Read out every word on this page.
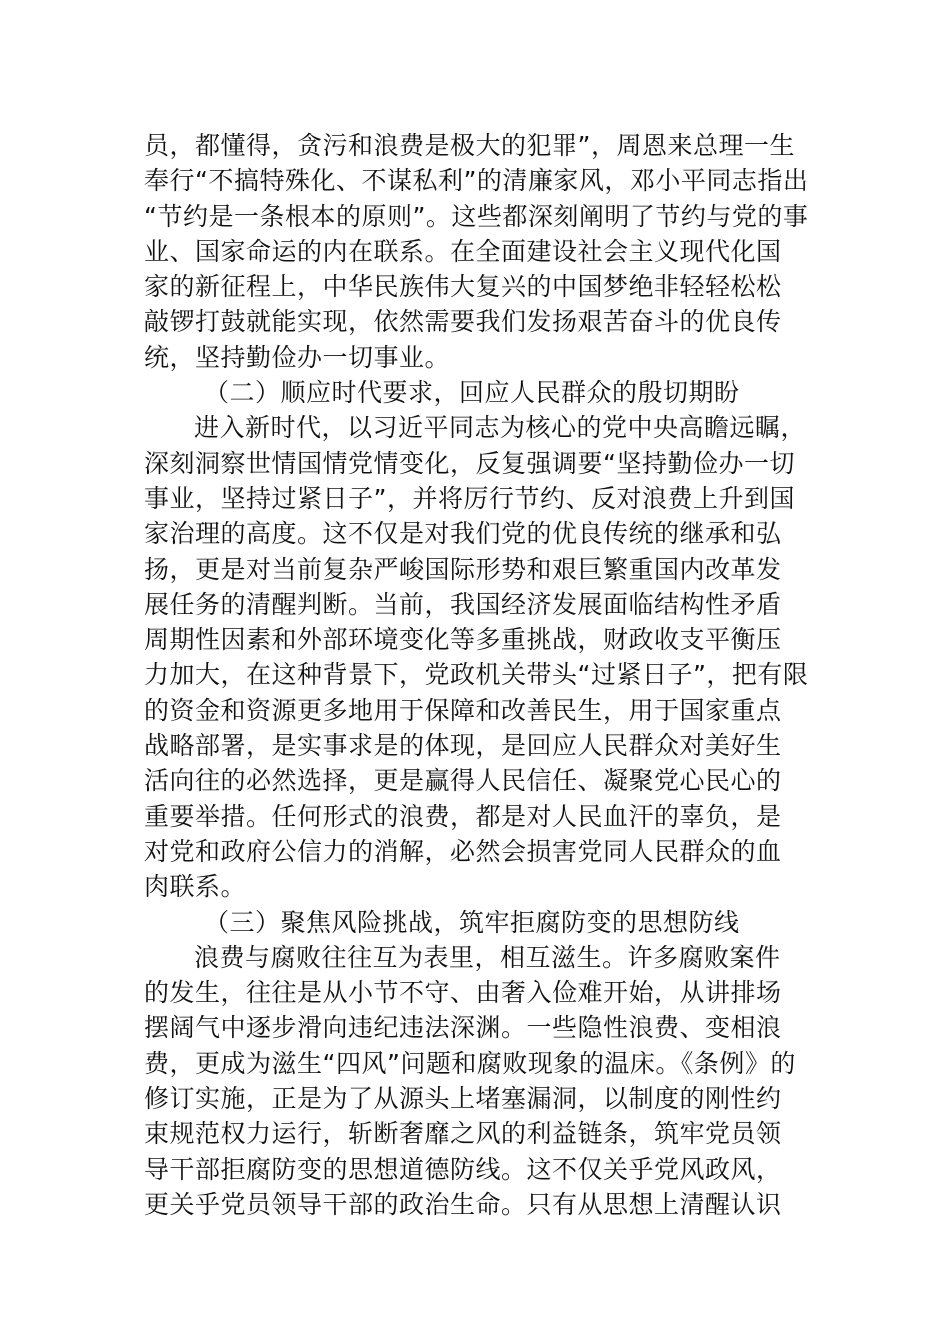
员，都懂得，贪污和浪费是极大的犯罪”，周恩来总理一生
奉行“不搞特殊化、不谋私利”的清廉家风，邓小平同志指出
“节约是一条根本的原则”。这些都深刻阐明了节约与党的事
业、国家命运的内在联系。在全面建设社会主义现代化国
家的新征程上，中华民族伟大复兴的中国梦绝非轻轻松松
敲锣打鼓就能实现，依然需要我们发扬艰苦奋斗的优良传
统，坚持勤俭办一切事业。
（二）顺应时代要求，回应人民群众的殷切期盼
进入新时代，以习近平同志为核心的党中央高瞻远瞩，
深刻洞察世情国情党情变化，反复强调要“坚持勤俭办一切
事业，坚持过紧日子”，并将厉行节约、反对浪费上升到国
家治理的高度。这不仅是对我们党的优良传统的继承和弘
扬，更是对当前复杂严峻国际形势和艰巨繁重国内改革发
展任务的清醒判断。当前，我国经济发展面临结构性矛盾
周期性因素和外部环境变化等多重挑战，财政收支平衡压
力加大，在这种背景下，党政机关带头“过紧日子”，把有限
的资金和资源更多地用于保障和改善民生，用于国家重点
战略部署，是实事求是的体现，是回应人民群众对美好生
活向往的必然选择，更是赢得人民信任、凝聚党心民心的
重要举措。任何形式的浪费，都是对人民血汗的辜负，是
对党和政府公信力的消解，必然会损害党同人民群众的血
肉联系。
（三）聚焦风险挑战，筑牢拒腐防变的思想防线
浪费与腐败往往互为表里，相互滋生。许多腐败案件
的发生，往往是从小节不守、由奢入俭难开始，从讲排场
摆阔气中逐步滑向违纪违法深渊。一些隐性浪费、变相浪
费，更成为滋生“四风”问题和腐败现象的温床。《条例》的
修订实施，正是为了从源头上堵塞漏洞，以制度的刚性约
束规范权力运行，斩断奢靡之风的利益链条，筑牢党员领
导干部拒腐防变的思想道德防线。这不仅关乎党风政风，
更关乎党员领导干部的政治生命。只有从思想上清醒认识
